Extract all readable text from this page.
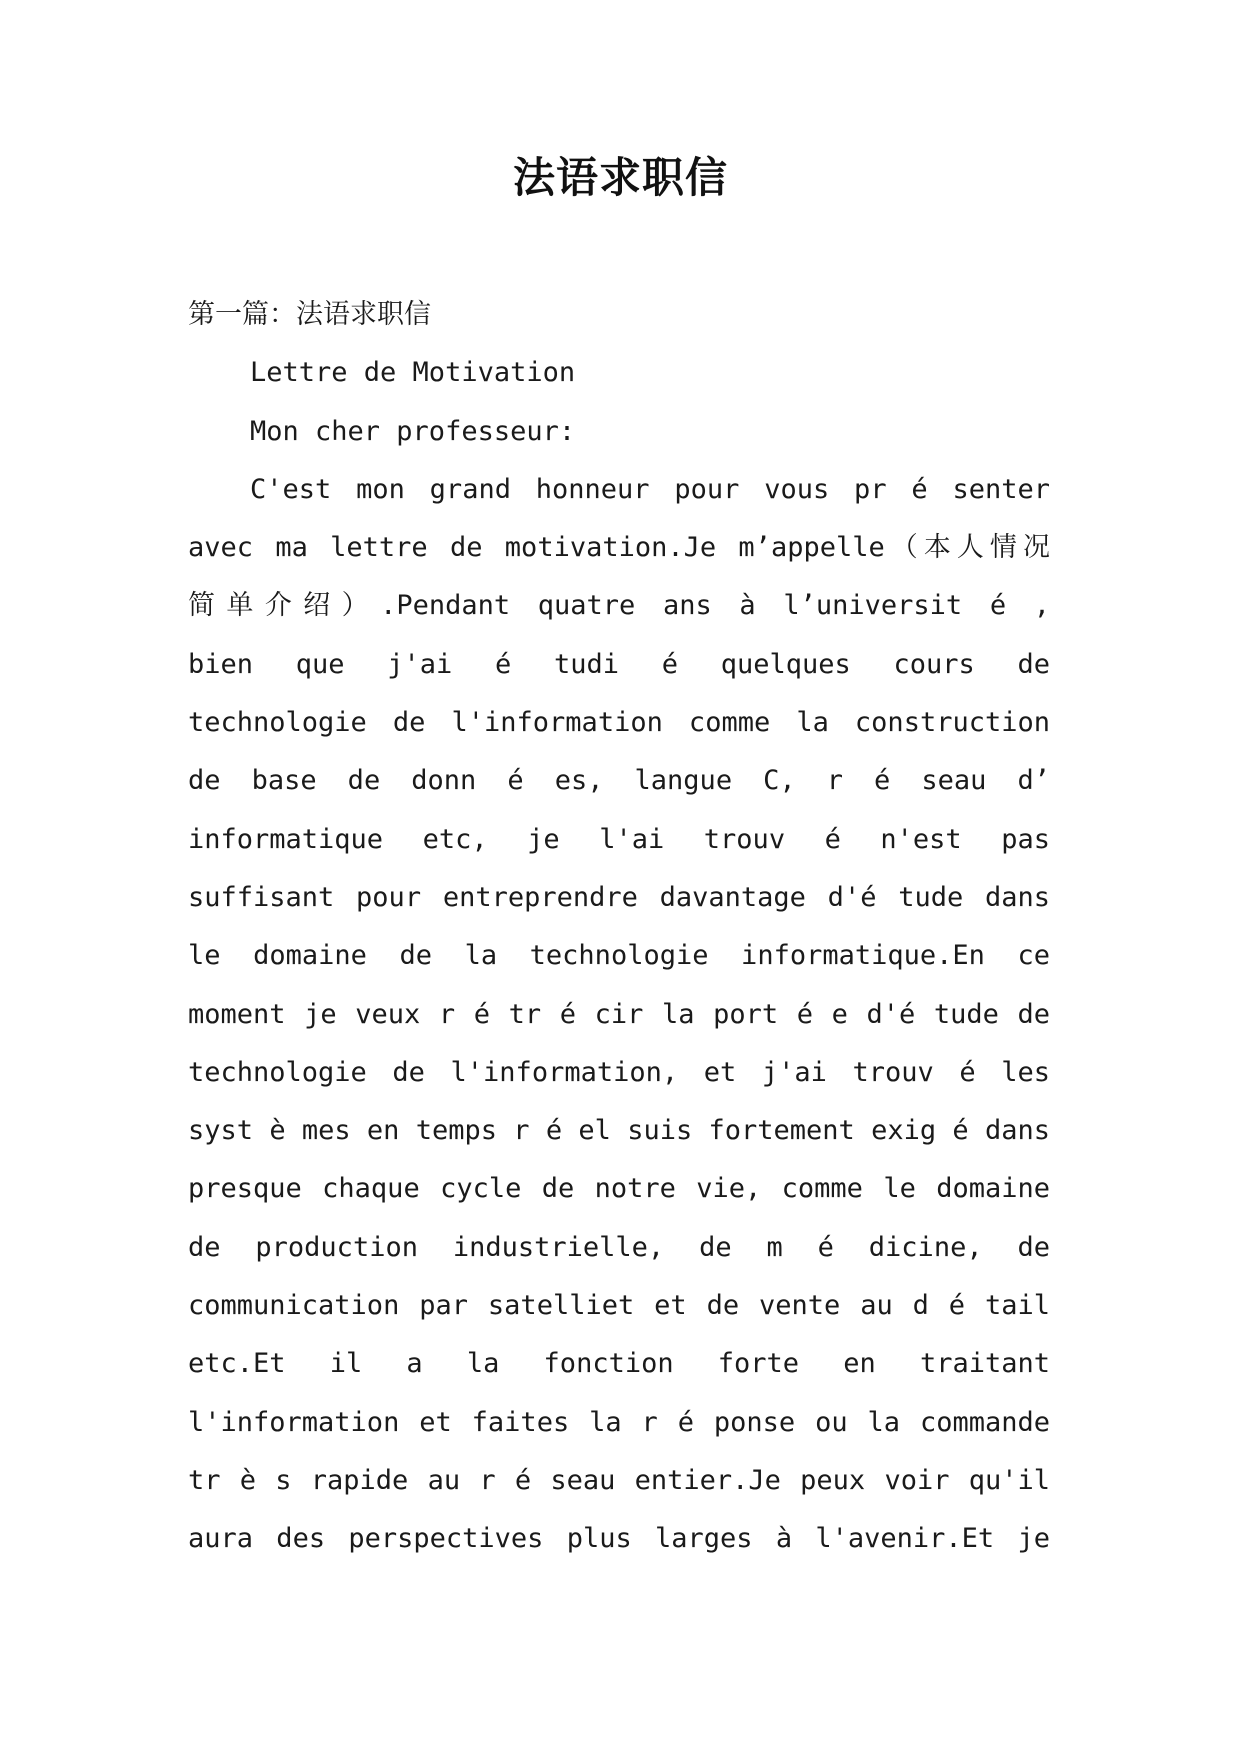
法语求职信
第一篇：法语求职信
Lettre de Motivation
Mon cher professeur:
C'est mon grand honneur pour vous pr é senter
avec ma lettre de motivation.Je m’appelle（本人情况
简单介绍）.Pendant quatre ans à l’universit é ,
bien que j'ai é tudi é quelques cours de
technologie de l'information comme la construction
de base de donn é es, langue C, r é seau d’
informatique etc, je l'ai trouv é n'est pas
suffisant pour entreprendre davantage d'é tude dans
le domaine de la technologie informatique.En ce
moment je veux r é tr é cir la port é e d'é tude de
technologie de l'information, et j'ai trouv é les
syst è mes en temps r é el suis fortement exig é dans
presque chaque cycle de notre vie, comme le domaine
de production industrielle, de m é dicine, de
communication par satelliet et de vente au d é tail
etc.Et il a la fonction forte en traitant
l'information et faites la r é ponse ou la commande
tr è s rapide au r é seau entier.Je peux voir qu'il
aura des perspectives plus larges à l'avenir.Et je
